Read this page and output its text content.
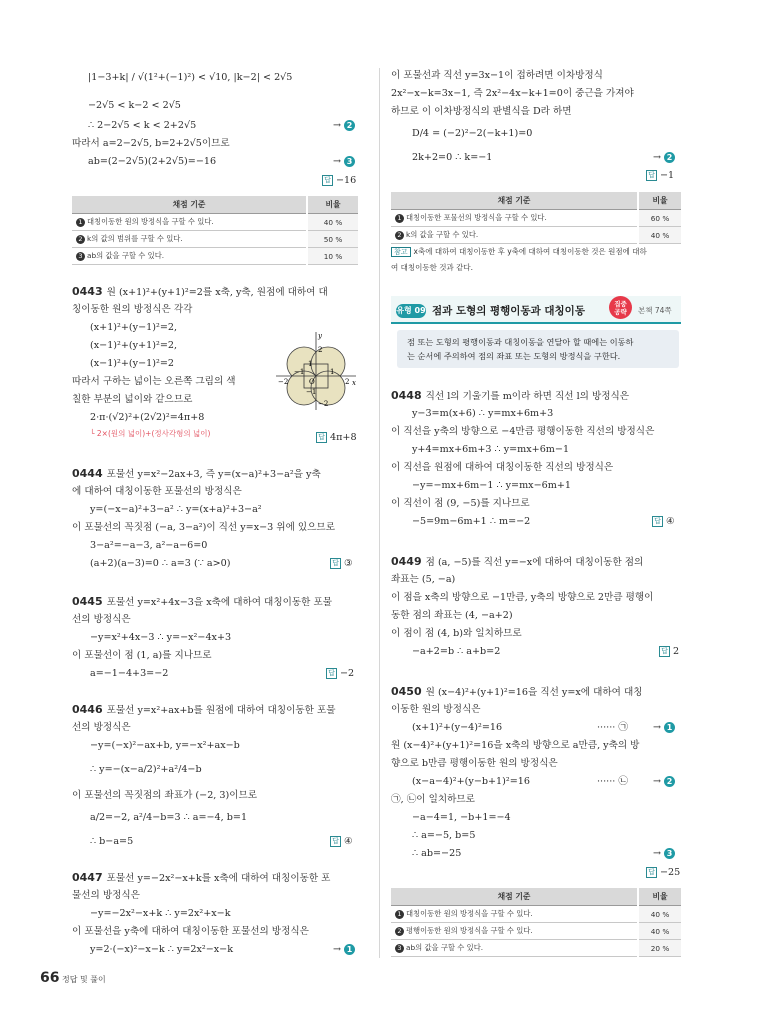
|1−3+k| / √(1²+(−1)²) < √10, |k−2| < 2√5
−2√5 < k−2 < 2√5
∴ 2−2√5 < k < 2+2√5	→ 2
따라서 a=2−2√5, b=2+2√5이므로
ab=(2−2√5)(2+2√5)=−16	→ 3
답 −16
채점 기준	비율
1 대칭이동한 원의 방정식을 구할 수 있다.	40 %
2 k의 값의 범위를 구할 수 있다.	50 %
3 ab의 값을 구할 수 있다.	10 %
0443 원 (x+1)²+(y+1)²=2를 x축, y축, 원점에 대하여 대
칭이동한 원의 방정식은 각각
(x+1)²+(y−1)²=2,
(x−1)²+(y+1)²=2,
(x−1)²+(y−1)²=2
따라서 구하는 넓이는 오른쪽 그림의 색
칠한 부분의 넓이와 같으므로
2·π·(√2)²+(2√2)²=4π+8
└ 2×(원의 넓이)+(정사각형의 넓이)	답 4π+8
y
x
O	2
−2
1
−1
1
−1
2
−2
0444 포물선 y=x²−2ax+3, 즉 y=(x−a)²+3−a²을 y축
에 대하여 대칭이동한 포물선의 방정식은
y=(−x−a)²+3−a² ∴ y=(x+a)²+3−a²
이 포물선의 꼭짓점 (−a, 3−a²)이 직선 y=x−3 위에 있으므로
3−a²=−a−3, a²−a−6=0
(a+2)(a−3)=0 ∴ a=3 (∵ a>0)	답 ③
0445 포물선 y=x²+4x−3을 x축에 대하여 대칭이동한 포물
선의 방정식은
−y=x²+4x−3 ∴ y=−x²−4x+3
이 포물선이 점 (1, a)를 지나므로
a=−1−4+3=−2	답 −2
0446 포물선 y=x²+ax+b를 원점에 대하여 대칭이동한 포물
선의 방정식은
−y=(−x)²−ax+b, y=−x²+ax−b
∴ y=−(x−a/2)²+a²/4−b
이 포물선의 꼭짓점의 좌표가 (−2, 3)이므로
a/2=−2, a²/4−b=3 ∴ a=−4, b=1
∴ b−a=5	답 ④
0447 포물선 y=−2x²−x+k를 x축에 대하여 대칭이동한 포
물선의 방정식은
−y=−2x²−x+k ∴ y=2x²+x−k
이 포물선을 y축에 대하여 대칭이동한 포물선의 방정식은
y=2·(−x)²−x−k ∴ y=2x²−x−k	→ 1
이 포물선과 직선 y=3x−1이 접하려면 이차방정식
2x²−x−k=3x−1, 즉 2x²−4x−k+1=0이 중근을 가져야
하므로 이 이차방정식의 판별식을 D라 하면
D/4 = (−2)²−2(−k+1)=0
2k+2=0 ∴ k=−1	→ 2
답 −1
채점 기준	비율
1 대칭이동한 포물선의 방정식을 구할 수 있다.	60 %
2 k의 값을 구할 수 있다.	40 %
참고 x축에 대하여 대칭이동한 후 y축에 대하여 대칭이동한 것은 원점에 대하
여 대칭이동한 것과 같다.
유형 09 점과 도형의 평행이동과 대칭이동
집중
공략	본책 74쪽
점 또는 도형의 평행이동과 대칭이동을 연달아 할 때에는 이동하
는 순서에 주의하여 점의 좌표 또는 도형의 방정식을 구한다.
0448 직선 l의 기울기를 m이라 하면 직선 l의 방정식은
y−3=m(x+6) ∴ y=mx+6m+3
이 직선을 y축의 방향으로 −4만큼 평행이동한 직선의 방정식은
y+4=mx+6m+3 ∴ y=mx+6m−1
이 직선을 원점에 대하여 대칭이동한 직선의 방정식은
−y=−mx+6m−1 ∴ y=mx−6m+1
이 직선이 점 (9, −5)를 지나므로
−5=9m−6m+1 ∴ m=−2	답 ④
0449 점 (a, −5)를 직선 y=−x에 대하여 대칭이동한 점의
좌표는 (5, −a)
이 점을 x축의 방향으로 −1만큼, y축의 방향으로 2만큼 평행이
동한 점의 좌표는 (4, −a+2)
이 점이 점 (4, b)와 일치하므로
−a+2=b ∴ a+b=2	답 2
0450 원 (x−4)²+(y+1)²=16을 직선 y=x에 대하여 대칭
이동한 원의 방정식은
(x+1)²+(y−4)²=16	······ ㉠	→ 1
원 (x−4)²+(y+1)²=16을 x축의 방향으로 a만큼, y축의 방
향으로 b만큼 평행이동한 원의 방정식은
(x−a−4)²+(y−b+1)²=16	······ ㉡	→ 2
㉠, ㉡이 일치하므로
−a−4=1, −b+1=−4
∴ a=−5, b=5
∴ ab=−25	→ 3
답 −25
채점 기준	비율
1 대칭이동한 원의 방정식을 구할 수 있다.	40 %
2 평행이동한 원의 방정식을 구할 수 있다.	40 %
3 ab의 값을 구할 수 있다.	20 %
66 정답 및 풀이
